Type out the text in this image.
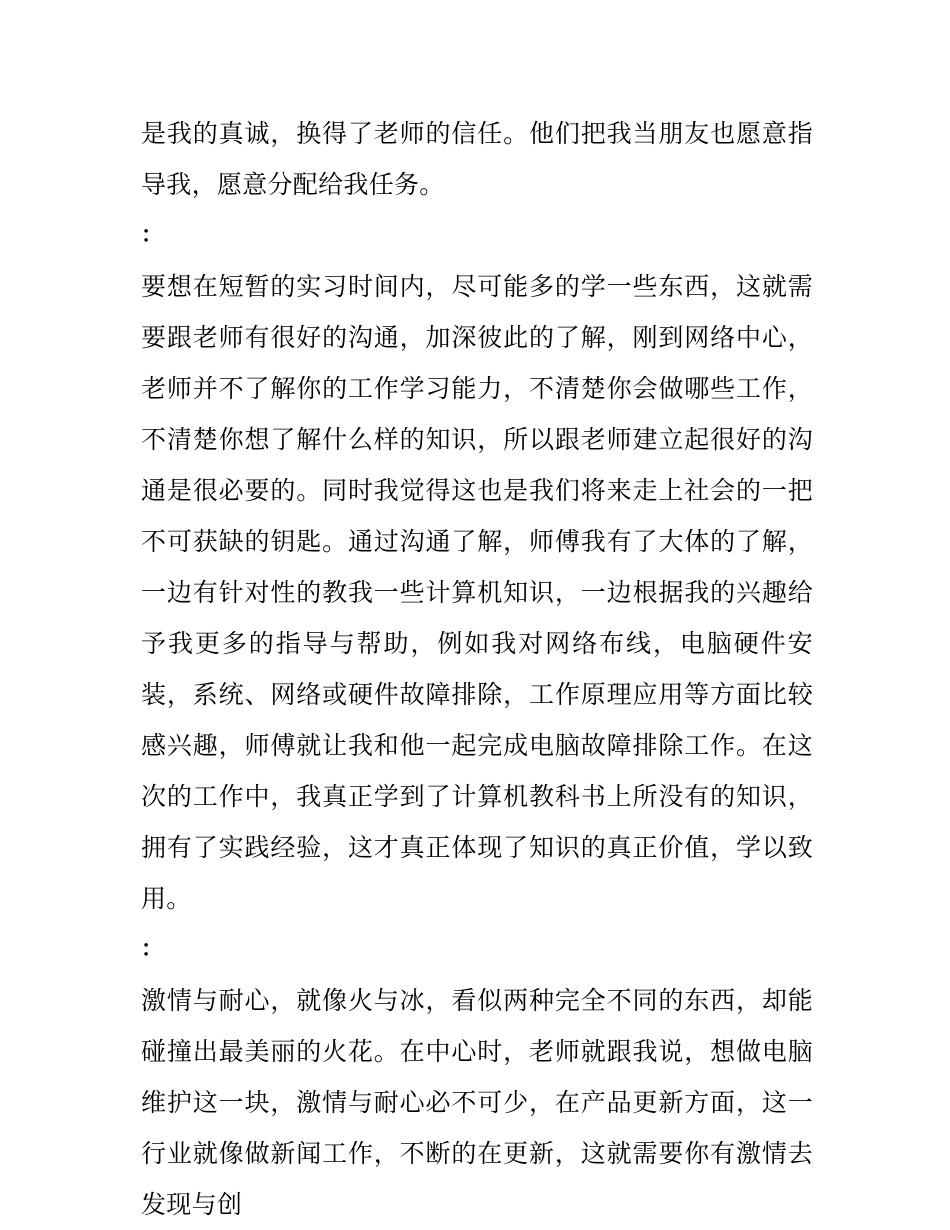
是我的真诚，换得了老师的信任。他们把我当朋友也愿意指导我，愿意分配给我任务。

：

要想在短暂的实习时间内，尽可能多的学一些东西，这就需要跟老师有很好的沟通，加深彼此的了解，刚到网络中心，老师并不了解你的工作学习能力，不清楚你会做哪些工作，不清楚你想了解什么样的知识，所以跟老师建立起很好的沟通是很必要的。同时我觉得这也是我们将来走上社会的一把不可获缺的钥匙。通过沟通了解，师傅我有了大体的了解，一边有针对性的教我一些计算机知识，一边根据我的兴趣给予我更多的指导与帮助，例如我对网络布线，电脑硬件安装，系统、网络或硬件故障排除，工作原理应用等方面比较感兴趣，师傅就让我和他一起完成电脑故障排除工作。在这次的工作中，我真正学到了计算机教科书上所没有的知识，拥有了实践经验，这才真正体现了知识的真正价值，学以致用。

：

激情与耐心，就像火与冰，看似两种完全不同的东西，却能碰撞出最美丽的火花。在中心时，老师就跟我说，想做电脑维护这一块，激情与耐心必不可少，在产品更新方面，这一行业就像做新闻工作，不断的在更新，这就需要你有激情去发现与创
